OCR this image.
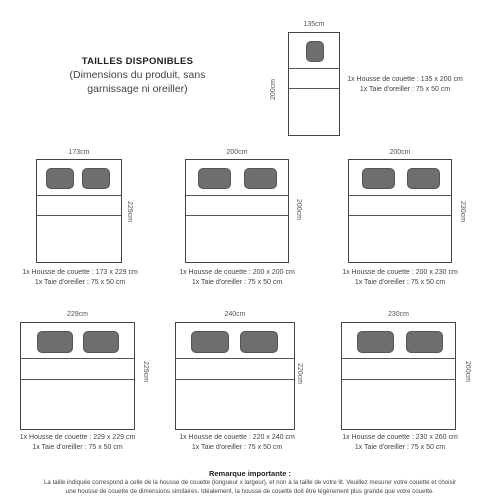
TAILLES DISPONIBLES
(Dimensions du produit, sans
garnissage ni oreiller)
135cm
200cm	1x Housse de couette : 135 x 200 cm
1x Taie d'oreiller : 75 x 50 cm
173cm
229cm
1x Housse de couette : 173 x 229 cm
1x Taie d'oreiller : 75 x 50 cm
200cm
200cm
1x Housse de couette : 200 x 200 cm
1x Taie d'oreiller : 75 x 50 cm
200cm
230cm
1x Housse de couette : 200 x 230 cm
1x Taie d'oreiller : 75 x 50 cm
229cm
229cm
1x Housse de couette : 229 x 229 cm
1x Taie d'oreiller : 75 x 50 cm
240cm
220cm
1x Housse de couette : 220 x 240 cm
1x Taie d'oreiller : 75 x 50 cm
230cm
260cm
1x Housse de couette : 230 x 260 cm
1x Taie d'oreiller : 75 x 50 cm
Remarque importante :
La taille indiquée correspond à celle de la housse de couette (longueur x largeur), et non à la taille de votre lit. Veuillez mesurer votre couette et choisir
une housse de couette de dimensions similaires. Idéalement, la housse de couette doit être légèrement plus grande que votre couette.
